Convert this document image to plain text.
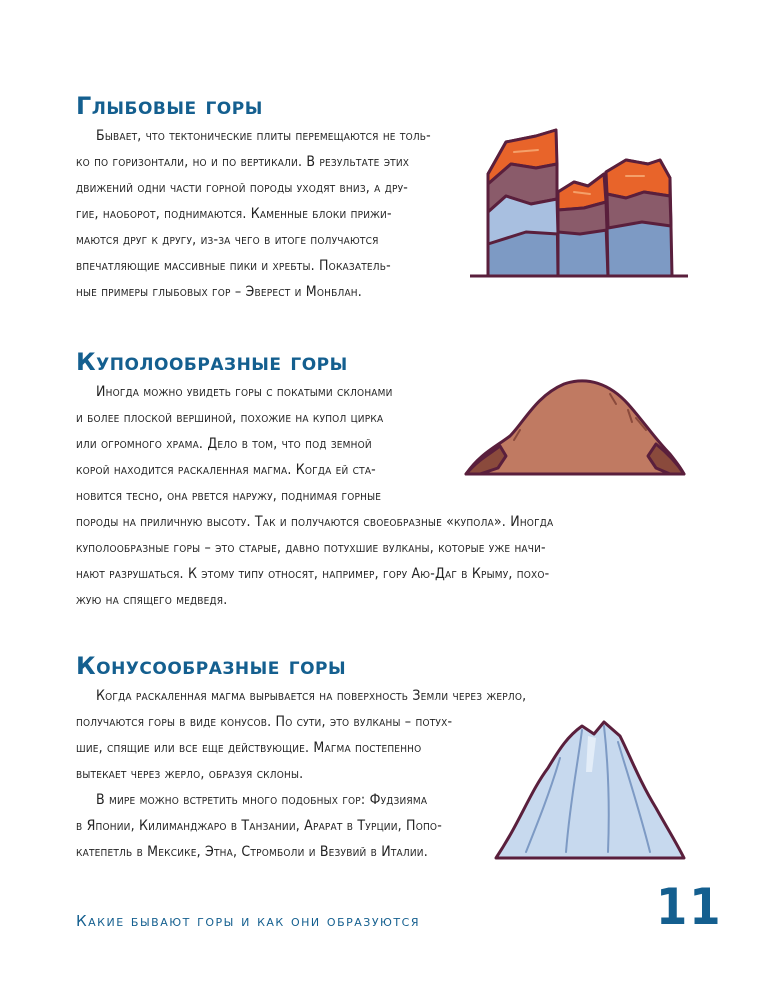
Глыбовые горы
Бывает, что тектонические плиты перемещаются не толь-
ко по горизонтали, но и по вертикали. В результате этих
движений одни части горной породы уходят вниз, а дру-
гие, наоборот, поднимаются. Каменные блоки прижи-
маются друг к другу, из-за чего в итоге получаются
впечатляющие массивные пики и хребты. Показатель-
ные примеры глыбовых гор – Эверест и Монблан.
Куполообразные горы
Иногда можно увидеть горы с покатыми склонами
и более плоской вершиной, похожие на купол цирка
или огромного храма. Дело в том, что под земной
корой находится раскаленная магма. Когда ей ста-
новится тесно, она рвется наружу, поднимая горные
породы на приличную высоту. Так и получаются своеобразные «купола». Иногда
куполообразные горы – это старые, давно потухшие вулканы, которые уже начи-
нают разрушаться. К этому типу относят, например, гору Аю-Даг в Крыму, похо-
жую на спящего медведя.
Конусообразные горы
Когда раскаленная магма вырывается на поверхность Земли через жерло,
получаются горы в виде конусов. По сути, это вулканы – потух-
шие, спящие или все еще действующие. Магма постепенно
вытекает через жерло, образуя склоны.
В мире можно встретить много подобных гор: Фудзияма
в Японии, Килиманджаро в Танзании, Арарат в Турции, Попо-
катепетль в Мексике, Этна, Стромболи и Везувий в Италии.
Какие бывают горы и как они образуются	11
